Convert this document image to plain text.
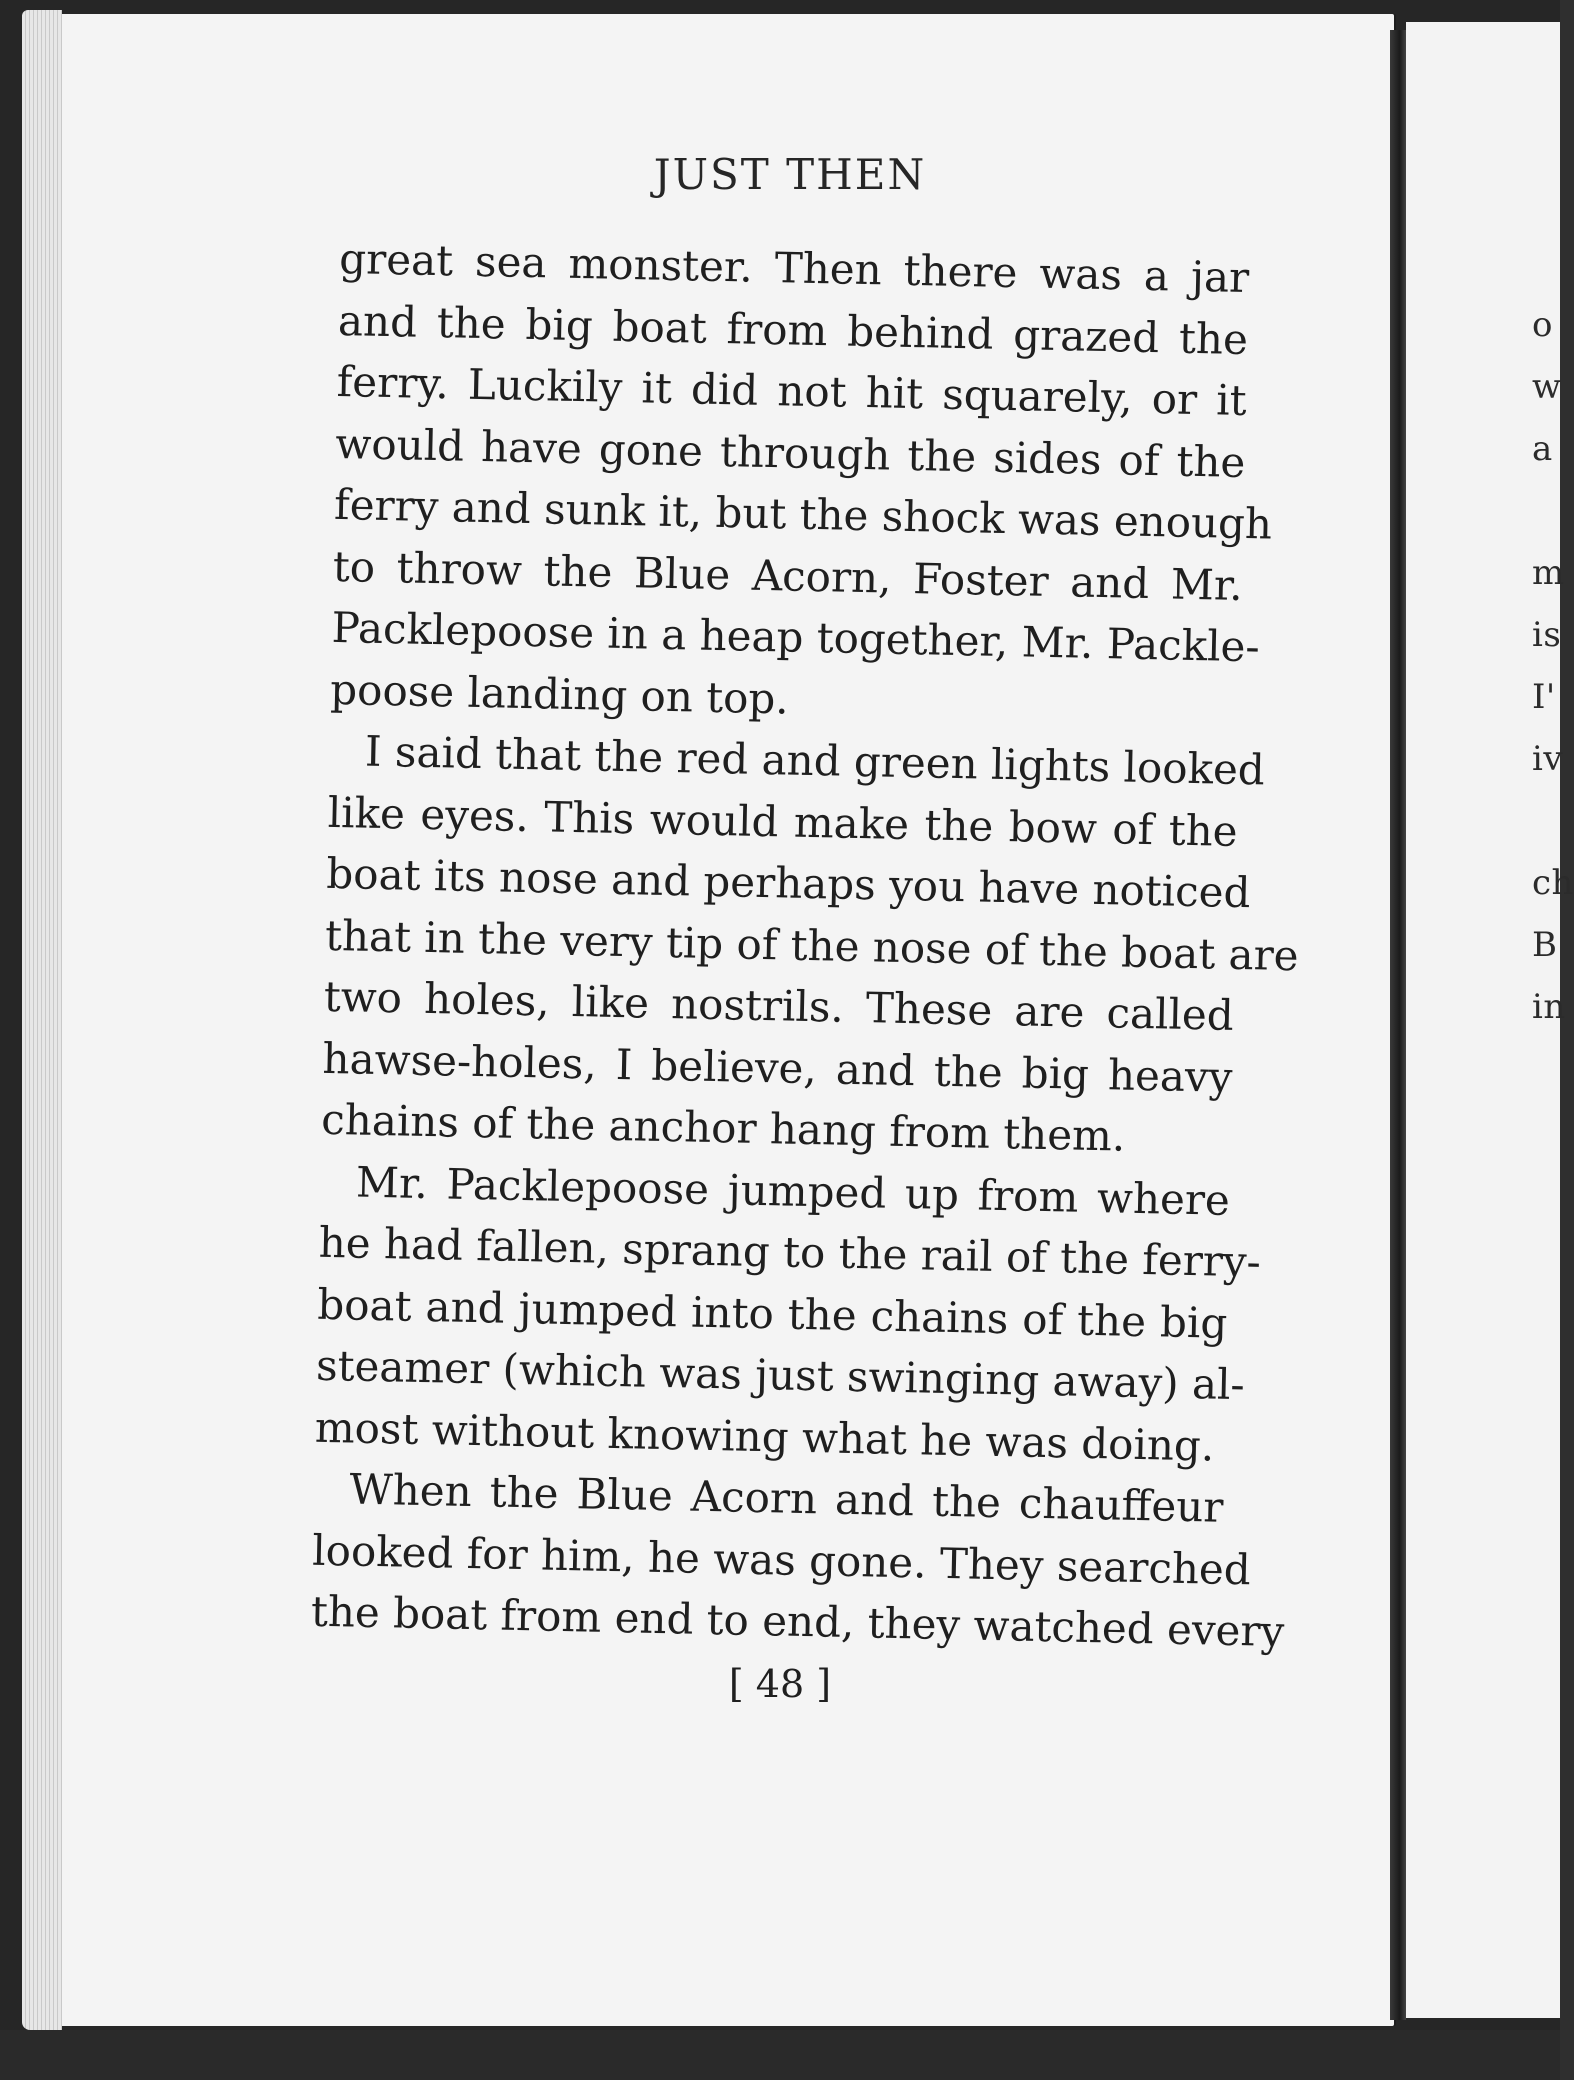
o
w
a
m
is
I'
iv
ch
B
in
JUST THEN
great sea monster. Then there was a jar
and the big boat from behind grazed the
ferry. Luckily it did not hit squarely, or it
would have gone through the sides of the
ferry and sunk it, but the shock was enough
to throw the Blue Acorn, Foster and Mr.
Packlepoose in a heap together, Mr. Packle-
poose landing on top.
I said that the red and green lights looked
like eyes. This would make the bow of the
boat its nose and perhaps you have noticed
that in the very tip of the nose of the boat are
two holes, like nostrils. These are called
hawse-holes, I believe, and the big heavy
chains of the anchor hang from them.
Mr. Packlepoose jumped up from where
he had fallen, sprang to the rail of the ferry-
boat and jumped into the chains of the big
steamer (which was just swinging away) al-
most without knowing what he was doing.
When the Blue Acorn and the chauffeur
looked for him, he was gone. They searched
the boat from end to end, they watched every
[ 48 ]
